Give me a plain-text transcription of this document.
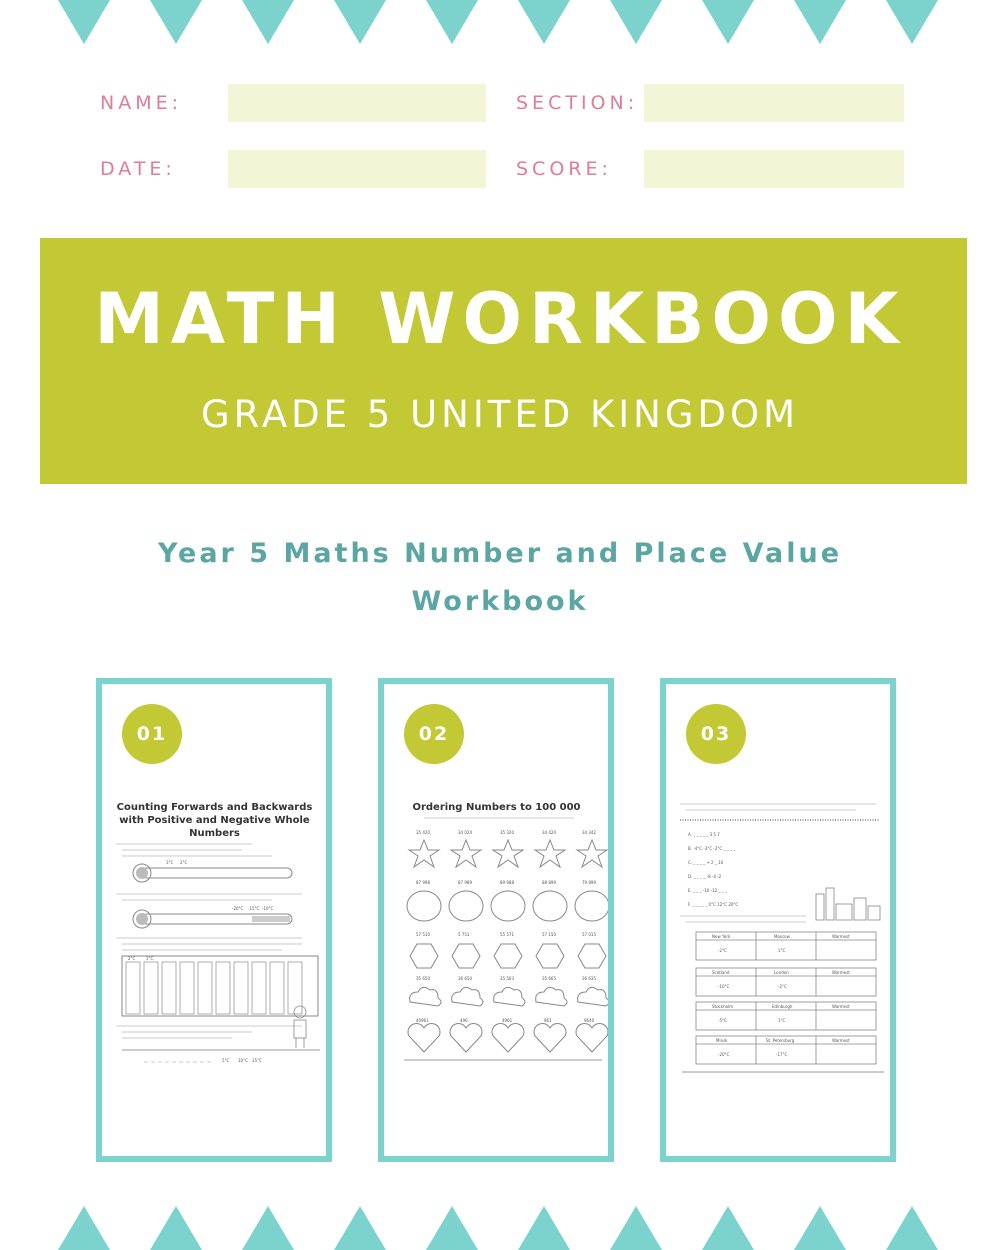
NAME:	SECTION:
DATE:	SCORE:
MATH WORKBOOK
GRADE 5 UNITED KINGDOM
Year 5 Maths Number and Place Value
Workbook
01
Counting Forwards and Backwards with Positive and Negative Whole Numbers
3°C 2°C
-20°C -15°C -10°C
2°C	1°C
5°C 10°C 15°C
02
Ordering Numbers to 100 000
35 420	34 024	35 320	34 420	34 342
87 998	87 989	89 988	88 899	79 899
57 510	5 751	55 571	57 150	57 015
35 650	36 650	35 563	35 665	36 635
40961	496	4961	961	9640
03
A. _ _ _ _ _ 3 5 7
B. -4°C -3°C -2°C _ _ _ _
C. _ _ _ _ + 2 _ 10
D. _ _ _ _ -8 -4 -2
E. _ _ _ -10 -12 _ _ _
F. _ _ _ _ _ 0°C 12°C 20°C
New York	Moscow	Warmest
-2°C	1°C
Scotland	London	Warmest
-10°C	-2°C
Stockholm	Edinburgh	Warmest
-5°C	1°C
Minsk	St. Petersburg	Warmest
-20°C	-17°C
